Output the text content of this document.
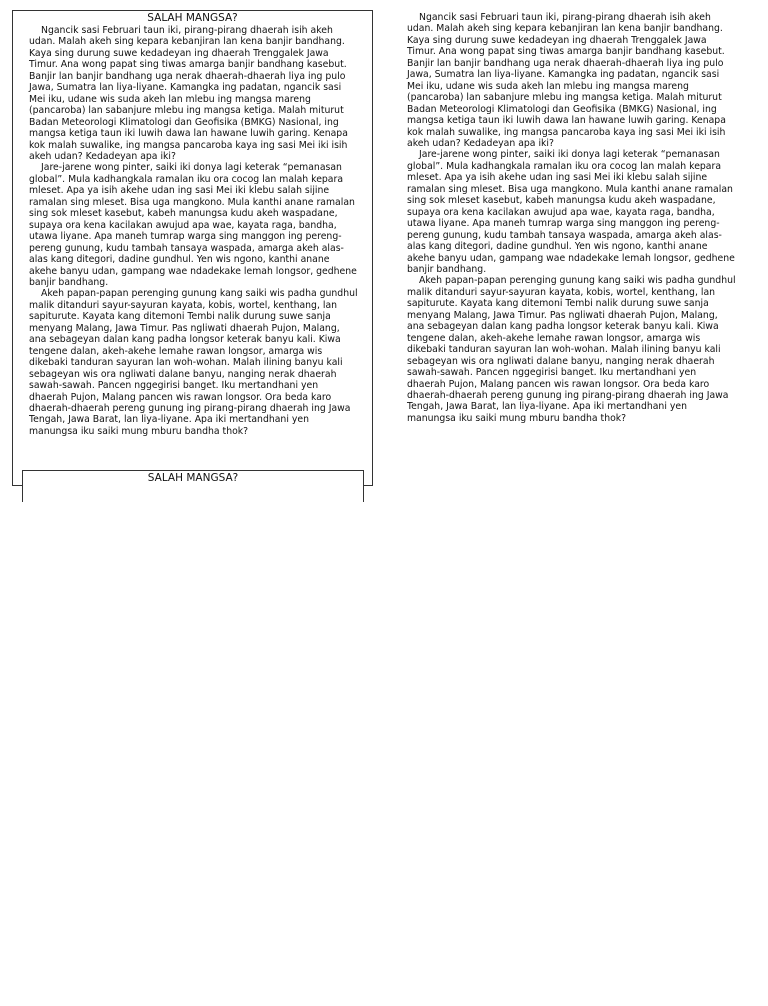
SALAH MANGSA?

Ngancik sasi Februari taun iki, pirang-pirang dhaerah isih akeh udan. Malah akeh sing kepara kebanjiran lan kena banjir bandhang. Kaya sing durung suwe kedadeyan ing dhaerah Trenggalek Jawa Timur. Ana wong papat sing tiwas amarga banjir bandhang kasebut. Banjir lan banjir bandhang uga nerak dhaerah-dhaerah liya ing pulo Jawa, Sumatra lan liya-liyane. Kamangka ing padatan, ngancik sasi Mei iku, udane wis suda akeh lan mlebu ing mangsa mareng (pancaroba) lan sabanjure mlebu ing mangsa ketiga. Malah miturut Badan Meteorologi Klimatologi dan Geofisika (BMKG) Nasional, ing mangsa ketiga taun iki luwih dawa lan hawane luwih garing. Kenapa kok malah suwalike, ing mangsa pancaroba kaya ing sasi Mei iki isih akeh udan? Kedadeyan apa iki?

Jare-jarene wong pinter, saiki iki donya lagi keterak “pemanasan global”. Mula kadhangkala ramalan iku ora cocog lan malah kepara mleset. Apa ya isih akehe udan ing sasi Mei iki klebu salah sijine ramalan sing mleset. Bisa uga mangkono. Mula kanthi anane ramalan sing sok mleset kasebut, kabeh manungsa kudu akeh waspadane, supaya ora kena kacilakan awujud apa wae, kayata raga, bandha, utawa liyane. Apa maneh tumrap warga sing manggon ing pereng-pereng gunung, kudu tambah tansaya waspada, amarga akeh alas-alas kang ditegori, dadine gundhul. Yen wis ngono, kanthi anane akehe banyu udan, gampang wae ndadekake lemah longsor, gedhene banjir bandhang.

Akeh papan-papan perenging gunung kang saiki wis padha gundhul malik ditanduri sayur-sayuran kayata, kobis, wortel, kenthang, lan sapiturute. Kayata kang ditemoni Tembi nalik durung suwe sanja menyang Malang, Jawa Timur. Pas ngliwati dhaerah Pujon, Malang, ana sebageyan dalan kang padha longsor keterak banyu kali. Kiwa tengene dalan, akeh-akehe lemahe rawan longsor, amarga wis dikebaki tanduran sayuran lan woh-wohan. Malah ilining banyu kali sebageyan wis ora ngliwati dalane banyu, nanging nerak dhaerah sawah-sawah. Pancen nggegirisi banget. Iku mertandhani yen dhaerah Pujon, Malang pancen wis rawan longsor. Ora beda karo dhaerah-dhaerah pereng gunung ing pirang-pirang dhaerah ing Jawa Tengah, Jawa Barat, lan liya-liyane. Apa iki mertandhani yen manungsa iku saiki mung mburu bandha thok?

SALAH MANGSA?

Ngancik sasi Februari taun iki, pirang-pirang dhaerah isih akeh udan. Malah akeh sing kepara kebanjiran lan kena banjir bandhang. Kaya sing durung suwe kedadeyan ing dhaerah Trenggalek Jawa Timur. Ana wong papat sing tiwas amarga banjir bandhang kasebut. Banjir lan banjir bandhang uga nerak dhaerah-dhaerah liya ing pulo Jawa, Sumatra lan liya-liyane. Kamangka ing padatan, ngancik sasi Mei iku, udane wis suda akeh lan mlebu ing mangsa mareng (pancaroba) lan sabanjure mlebu ing mangsa ketiga. Malah miturut Badan Meteorologi Klimatologi dan Geofisika (BMKG) Nasional, ing mangsa ketiga taun iki luwih dawa lan hawane luwih garing. Kenapa kok malah suwalike, ing mangsa pancaroba kaya ing sasi Mei iki isih akeh udan? Kedadeyan apa iki?

Jare-jarene wong pinter, saiki iki donya lagi keterak “pemanasan global”. Mula kadhangkala ramalan iku ora cocog lan malah kepara mleset. Apa ya isih akehe udan ing sasi Mei iki klebu salah sijine ramalan sing mleset. Bisa uga mangkono. Mula kanthi anane ramalan sing sok mleset kasebut, kabeh manungsa kudu akeh waspadane, supaya ora kena kacilakan awujud apa wae, kayata raga, bandha, utawa liyane. Apa maneh tumrap warga sing manggon ing pereng-pereng gunung, kudu tambah tansaya waspada, amarga akeh alas-alas kang ditegori, dadine gundhul. Yen wis ngono, kanthi anane akehe banyu udan, gampang wae ndadekake lemah longsor, gedhene banjir bandhang.

Akeh papan-papan perenging gunung kang saiki wis padha gundhul malik ditanduri sayur-sayuran kayata, kobis, wortel, kenthang, lan sapiturute. Kayata kang ditemoni Tembi nalik durung suwe sanja menyang Malang, Jawa Timur. Pas ngliwati dhaerah Pujon, Malang, ana sebageyan dalan kang padha longsor keterak banyu kali. Kiwa tengene dalan, akeh-akehe lemahe rawan longsor, amarga wis dikebaki tanduran sayuran lan woh-wohan. Malah ilining banyu kali sebageyan wis ora ngliwati dalane banyu, nanging nerak dhaerah sawah-sawah. Pancen nggegirisi banget. Iku mertandhani yen dhaerah Pujon, Malang pancen wis rawan longsor. Ora beda karo dhaerah-dhaerah pereng gunung ing pirang-pirang dhaerah ing Jawa Tengah, Jawa Barat, lan liya-liyane. Apa iki mertandhani yen manungsa iku saiki mung mburu bandha thok?
